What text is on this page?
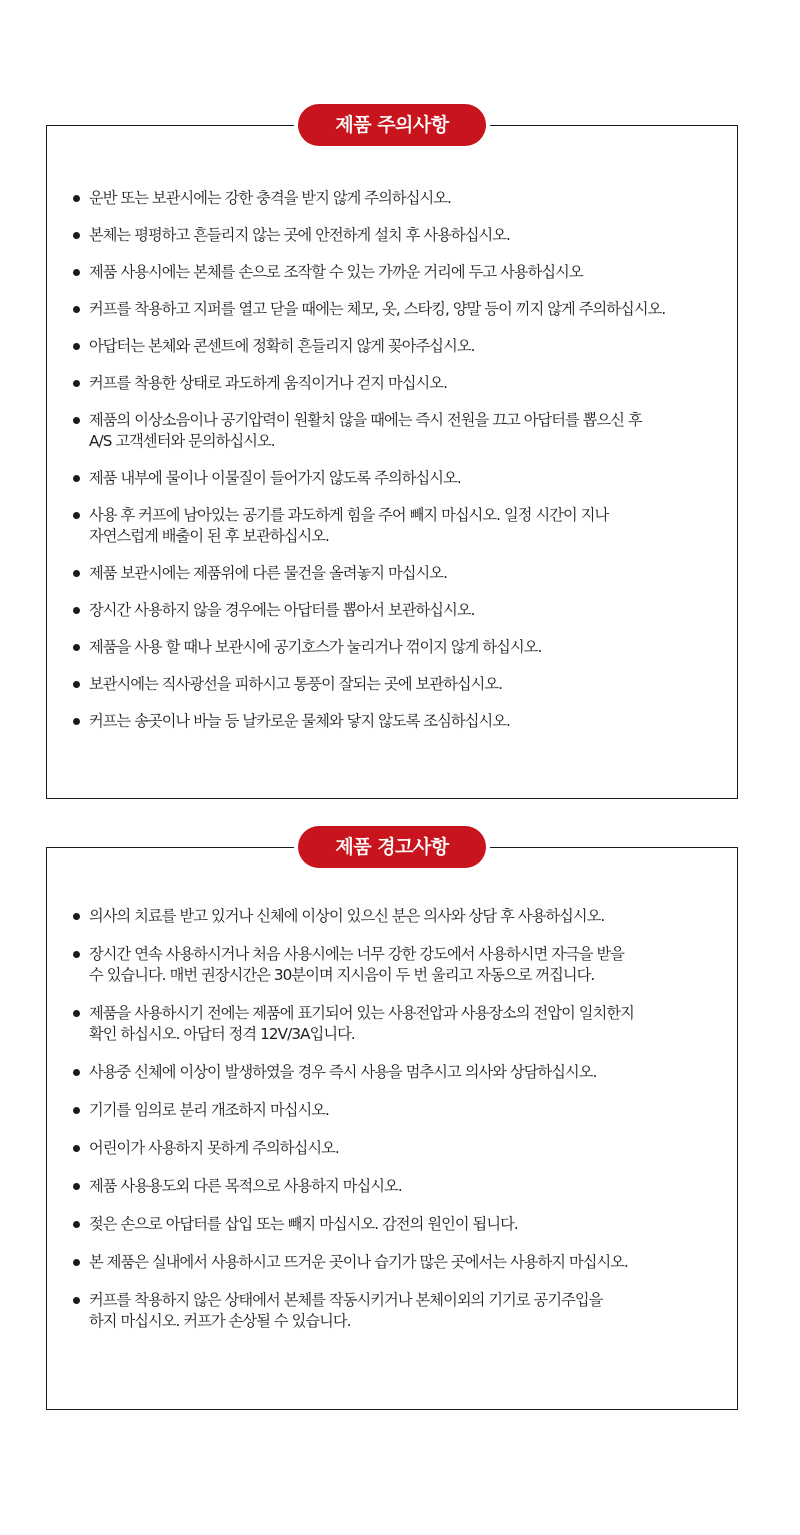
제품 주의사항
운반 또는 보관시에는 강한 충격을 받지 않게 주의하십시오.
본체는 평평하고 흔들리지 않는 곳에 안전하게 설치 후 사용하십시오.
제품 사용시에는 본체를 손으로 조작할 수 있는 가까운 거리에 두고 사용하십시오
커프를 착용하고 지퍼를 열고 닫을 때에는 체모, 옷, 스타킹, 양말 등이 끼지 않게 주의하십시오.
아답터는 본체와 콘센트에 정확히 흔들리지 않게 꽂아주십시오.
커프를 착용한 상태로 과도하게 움직이거나 걷지 마십시오.
제품의 이상소음이나 공기압력이 원활치 않을 때에는 즉시 전원을 끄고 아답터를 뽑으신 후
A/S 고객센터와 문의하십시오.
제품 내부에 물이나 이물질이 들어가지 않도록 주의하십시오.
사용 후 커프에 남아있는 공기를 과도하게 힘을 주어 빼지 마십시오. 일정 시간이 지나
자연스럽게 배출이 된 후 보관하십시오.
제품 보관시에는 제품위에 다른 물건을 올려놓지 마십시오.
장시간 사용하지 않을 경우에는 아답터를 뽑아서 보관하십시오.
제품을 사용 할 때나 보관시에 공기호스가 눌리거나 꺾이지 않게 하십시오.
보관시에는 직사광선을 피하시고 통풍이 잘되는 곳에 보관하십시오.
커프는 송곳이나 바늘 등 날카로운 물체와 닿지 않도록 조심하십시오.
제품 경고사항
의사의 치료를 받고 있거나 신체에 이상이 있으신 분은 의사와 상담 후 사용하십시오.
장시간 연속 사용하시거나 처음 사용시에는 너무 강한 강도에서 사용하시면 자극을 받을
수 있습니다. 매번 권장시간은 30분이며 지시음이 두 번 울리고 자동으로 꺼집니다.
제품을 사용하시기 전에는 제품에 표기되어 있는 사용전압과 사용장소의 전압이 일치한지
확인 하십시오. 아답터 정격 12V/3A입니다.
사용중 신체에 이상이 발생하였을 경우 즉시 사용을 멈추시고 의사와 상담하십시오.
기기를 임의로 분리 개조하지 마십시오.
어린이가 사용하지 못하게 주의하십시오.
제품 사용용도외 다른 목적으로 사용하지 마십시오.
젖은 손으로 아답터를 삽입 또는 빼지 마십시오. 감전의 원인이 됩니다.
본 제품은 실내에서 사용하시고 뜨거운 곳이나 습기가 많은 곳에서는 사용하지 마십시오.
커프를 착용하지 않은 상태에서 본체를 작동시키거나 본체이외의 기기로 공기주입을
하지 마십시오. 커프가 손상될 수 있습니다.
